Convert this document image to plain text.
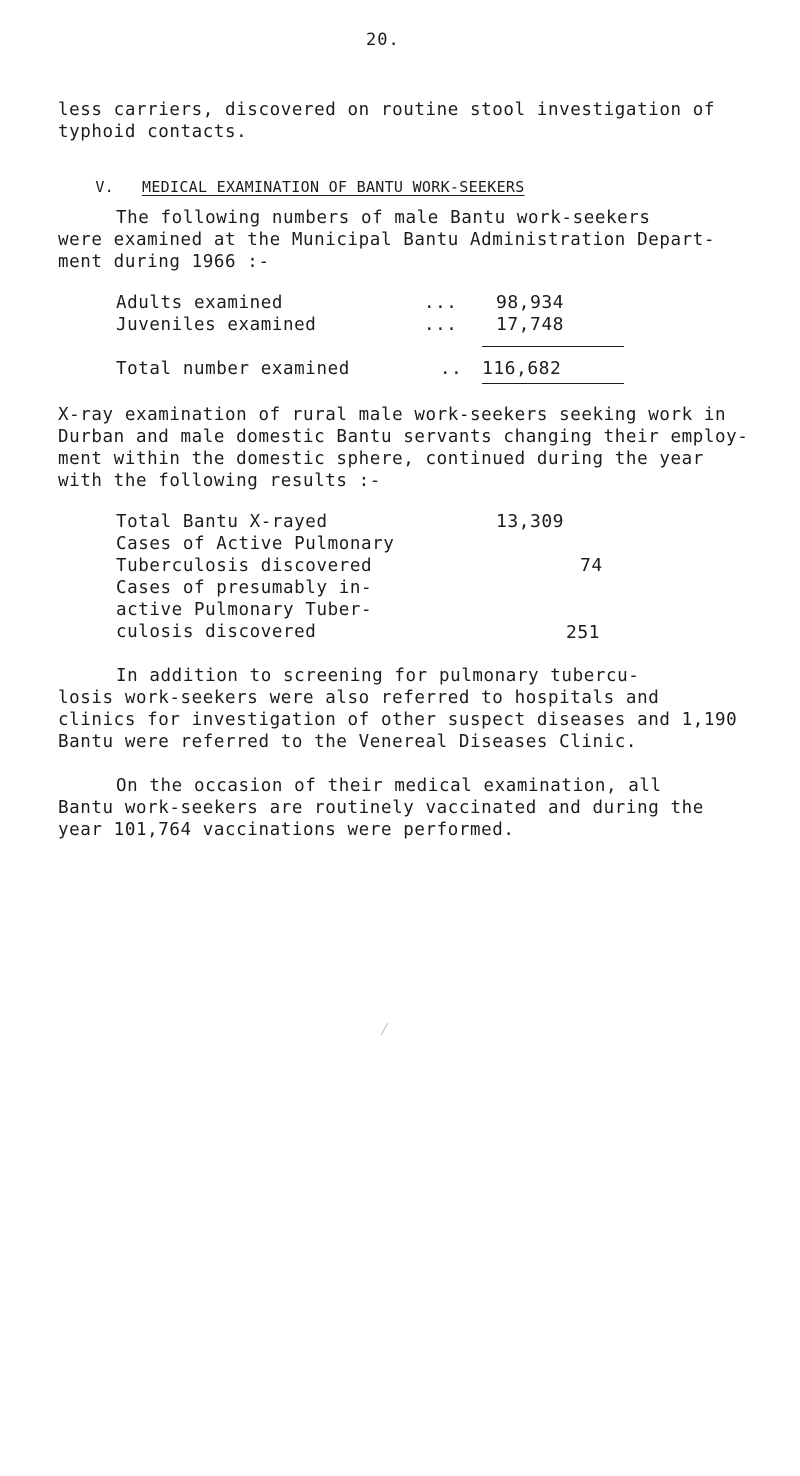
20.
less carriers, discovered on routine stool investigation of
typhoid contacts.

V. MEDICAL EXAMINATION OF BANTU WORK-SEEKERS

The following numbers of male Bantu work-seekers
were examined at the Municipal Bantu Administration Depart-
ment during 1966 :-
Adults examined	... 98,934
Juveniles examined	... 17,748
Total number examined	.. 116,682
X-ray examination of rural male work-seekers seeking work in
Durban and male domestic Bantu servants changing their employ-
ment within the domestic sphere, continued during the year
with the following results :-
Total Bantu X-rayed	13,309
Cases of Active Pulmonary
Tuberculosis discovered	74
Cases of presumably in-
active Pulmonary Tuber-
culosis discovered	251
In addition to screening for pulmonary tubercu-
losis work-seekers were also referred to hospitals and
clinics for investigation of other suspect diseases and 1,190
Bantu were referred to the Venereal Diseases Clinic.
On the occasion of their medical examination, all
Bantu work-seekers are routinely vaccinated and during the
year 101,764 vaccinations were performed.
